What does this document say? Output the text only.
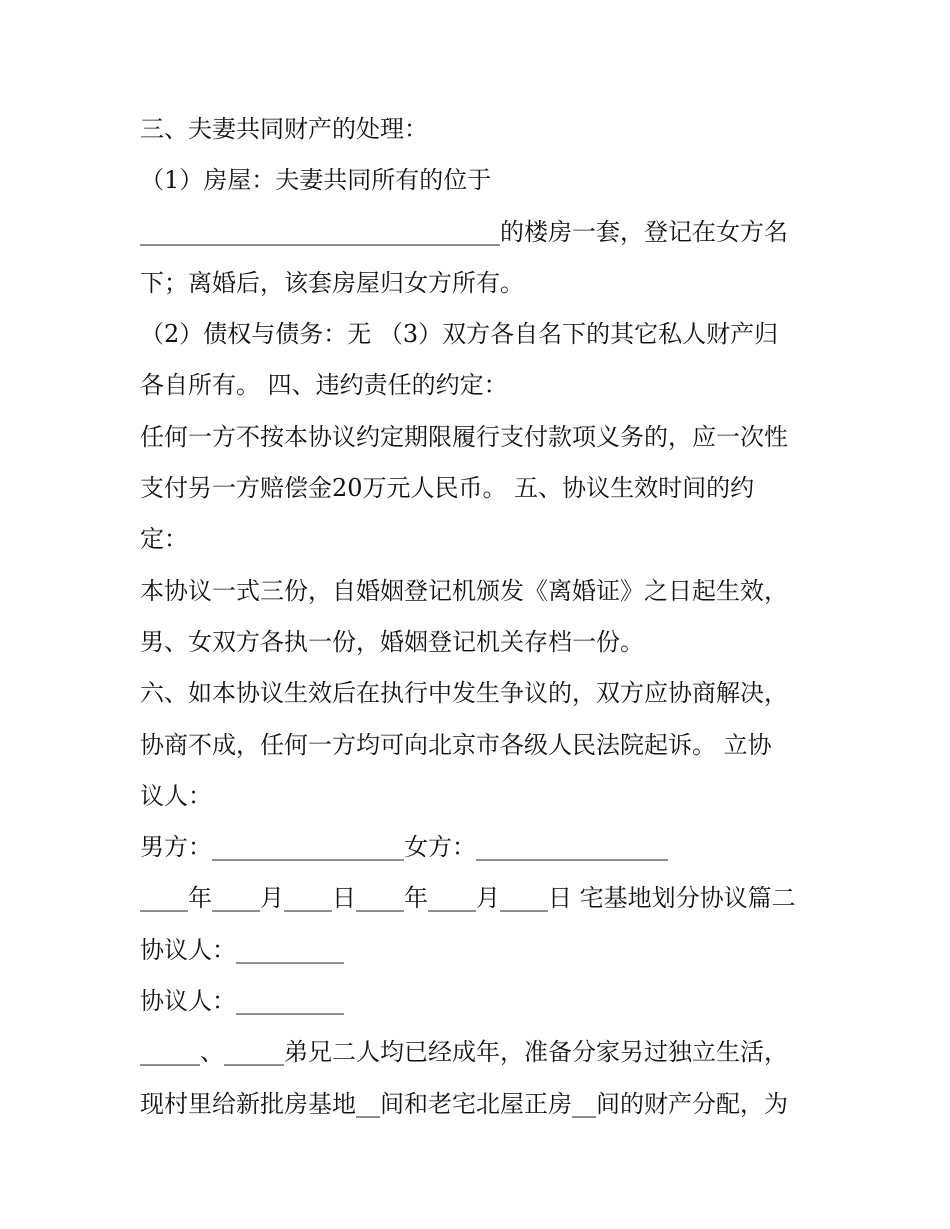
三、夫妻共同财产的处理：
（1）房屋：夫妻共同所有的位于
______________________________的楼房一套，登记在女方名
下；离婚后，该套房屋归女方所有。
（2）债权与债务：无 （3）双方各自名下的其它私人财产归
各自所有。 四、违约责任的约定：
任何一方不按本协议约定期限履行支付款项义务的，应一次性
支付另一方赔偿金20万元人民币。 五、协议生效时间的约
定：
本协议一式三份，自婚姻登记机颁发《离婚证》之日起生效，
男、女双方各执一份，婚姻登记机关存档一份。
六、如本协议生效后在执行中发生争议的，双方应协商解决，
协商不成，任何一方均可向北京市各级人民法院起诉。 立协
议人：
男方：________________女方：________________
____年____月____日____年____月____日 宅基地划分协议篇二
协议人：_________
协议人：_________
_____、_____弟兄二人均已经成年，准备分家另过独立生活，
现村里给新批房基地__间和老宅北屋正房__间的财产分配，为
